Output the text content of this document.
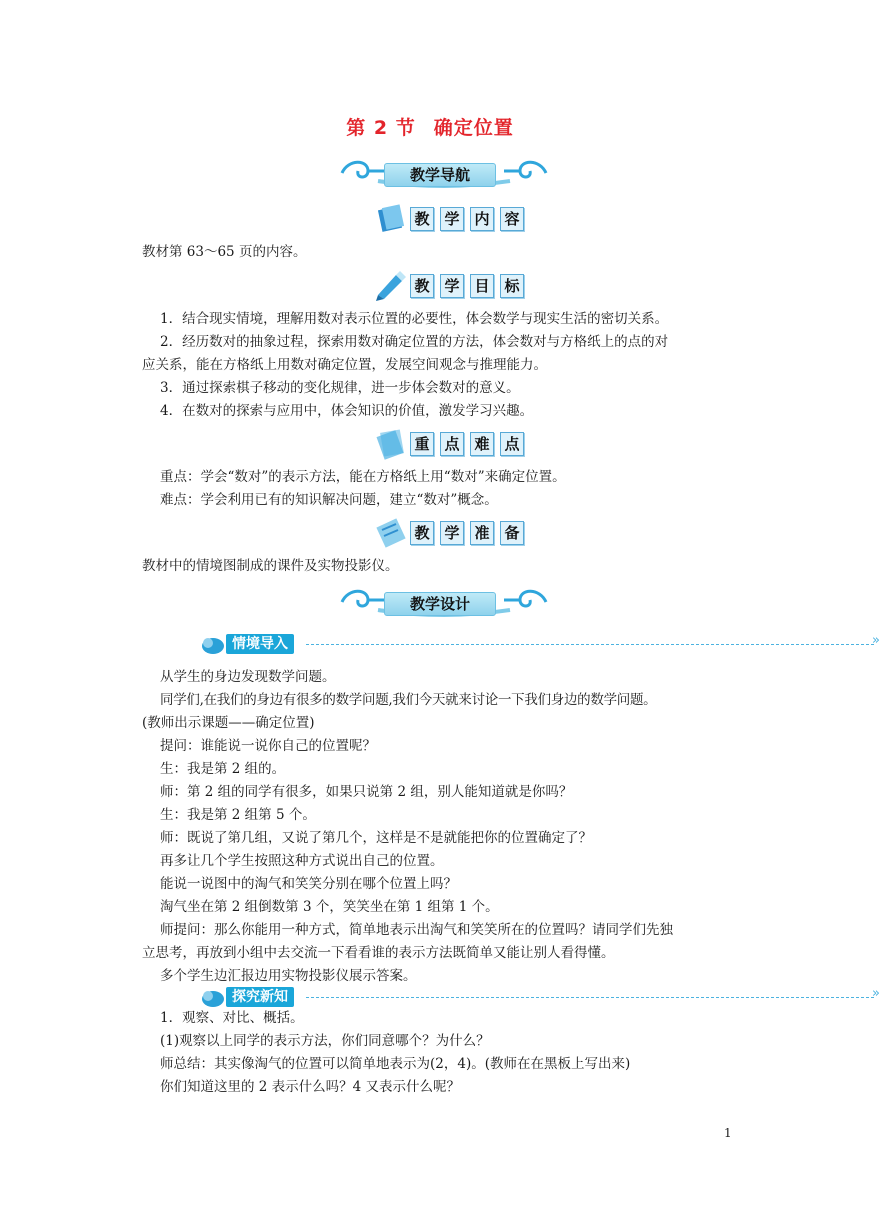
第 2 节 确定位置
教学导航
教 学 内 容
教材第 63～65 页的内容。
教 学 目 标
1．结合现实情境，理解用数对表示位置的必要性，体会数学与现实生活的密切关系。
2．经历数对的抽象过程，探索用数对确定位置的方法，体会数对与方格纸上的点的对
应关系，能在方格纸上用数对确定位置，发展空间观念与推理能力。
3．通过探索棋子移动的变化规律，进一步体会数对的意义。
4．在数对的探索与应用中，体会知识的价值，激发学习兴趣。
重 点 难 点
重点：学会“数对”的表示方法，能在方格纸上用“数对”来确定位置。
难点：学会利用已有的知识解决问题，建立“数对”概念。
教 学 准 备
教材中的情境图制成的课件及实物投影仪。
教学设计
情境导入	»
从学生的身边发现数学问题。
同学们,在我们的身边有很多的数学问题,我们今天就来讨论一下我们身边的数学问题。
(教师出示课题——确定位置)
提问：谁能说一说你自己的位置呢？
生：我是第 2 组的。
师：第 2 组的同学有很多，如果只说第 2 组，别人能知道就是你吗？
生：我是第 2 组第 5 个。
师：既说了第几组，又说了第几个，这样是不是就能把你的位置确定了？
再多让几个学生按照这种方式说出自己的位置。
能说一说图中的淘气和笑笑分别在哪个位置上吗？
淘气坐在第 2 组倒数第 3 个，笑笑坐在第 1 组第 1 个。
师提问：那么你能用一种方式，简单地表示出淘气和笑笑所在的位置吗？请同学们先独
立思考，再放到小组中去交流一下看看谁的表示方法既简单又能让别人看得懂。
多个学生边汇报边用实物投影仪展示答案。
探究新知	»
1．观察、对比、概括。
(1)观察以上同学的表示方法，你们同意哪个？为什么？
师总结：其实像淘气的位置可以简单地表示为(2，4)。(教师在在黑板上写出来)
你们知道这里的 2 表示什么吗？4 又表示什么呢？
1
